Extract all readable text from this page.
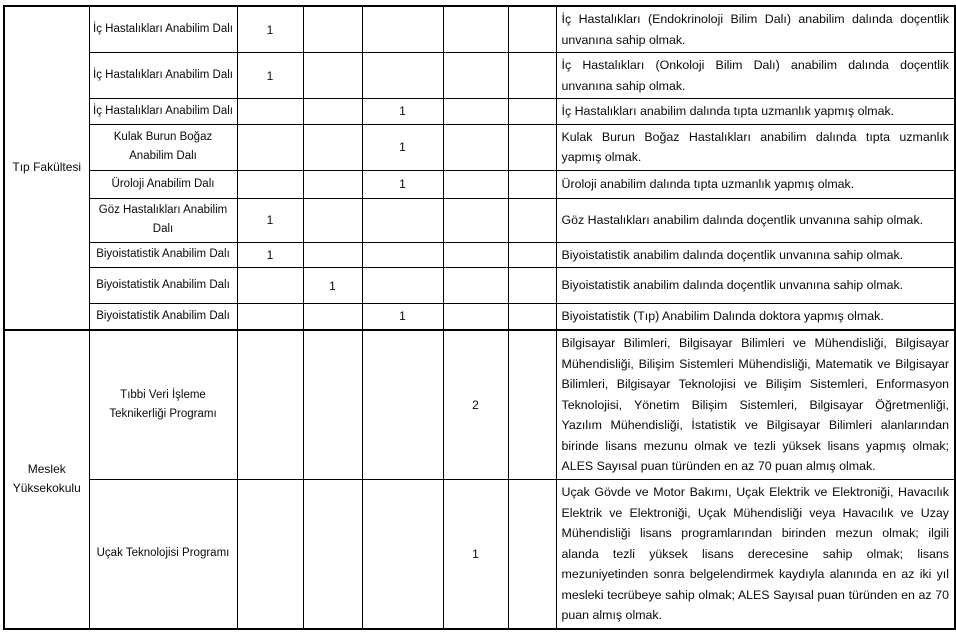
Tıp Fakültesi	İç Hastalıkları Anabilim Dalı	1					İç Hastalıkları (Endokrinoloji Bilim Dalı) anabilim dalında doçentlik unvanına sahip olmak.
	İç Hastalıkları Anabilim Dalı	1					İç Hastalıkları (Onkoloji Bilim Dalı) anabilim dalında doçentlik unvanına sahip olmak.
	İç Hastalıkları Anabilim Dalı			1			İç Hastalıkları anabilim dalında tıpta uzmanlık yapmış olmak.
	Kulak Burun Boğaz Anabilim Dalı			1			Kulak Burun Boğaz Hastalıkları anabilim dalında tıpta uzmanlık yapmış olmak.
	Üroloji Anabilim Dalı			1			Üroloji anabilim dalında tıpta uzmanlık yapmış olmak.
	Göz Hastalıkları Anabilim Dalı	1					Göz Hastalıkları anabilim dalında doçentlik unvanına sahip olmak.
	Biyoistatistik Anabilim Dalı	1					Biyoistatistik anabilim dalında doçentlik unvanına sahip olmak.
	Biyoistatistik Anabilim Dalı		1				Biyoistatistik anabilim dalında doçentlik unvanına sahip olmak.
	Biyoistatistik Anabilim Dalı			1			Biyoistatistik (Tıp) Anabilim Dalında doktora yapmış olmak.
Meslek Yüksekokulu	Tıbbi Veri İşleme Teknikerliği Programı				2		Bilgisayar Bilimleri, Bilgisayar Bilimleri ve Mühendisliği, Bilgisayar Mühendisliği, Bilişim Sistemleri Mühendisliği, Matematik ve Bilgisayar Bilimleri, Bilgisayar Teknolojisi ve Bilişim Sistemleri, Enformasyon Teknolojisi, Yönetim Bilişim Sistemleri, Bilgisayar Öğretmenliği, Yazılım Mühendisliği, İstatistik ve Bilgisayar Bilimleri alanlarından birinde lisans mezunu olmak ve tezli yüksek lisans yapmış olmak; ALES Sayısal puan türünden en az 70 puan almış olmak.
	Uçak Teknolojisi Programı				1		Uçak Gövde ve Motor Bakımı, Uçak Elektrik ve Elektroniği, Havacılık Elektrik ve Elektroniği, Uçak Mühendisliği veya Havacılık ve Uzay Mühendisliği lisans programlarından birinden mezun olmak; ilgili alanda tezli yüksek lisans derecesine sahip olmak; lisans mezuniyetinden sonra belgelendirmek kaydıyla alanında en az iki yıl mesleki tecrübeye sahip olmak; ALES Sayısal puan türünden en az 70 puan almış olmak.
